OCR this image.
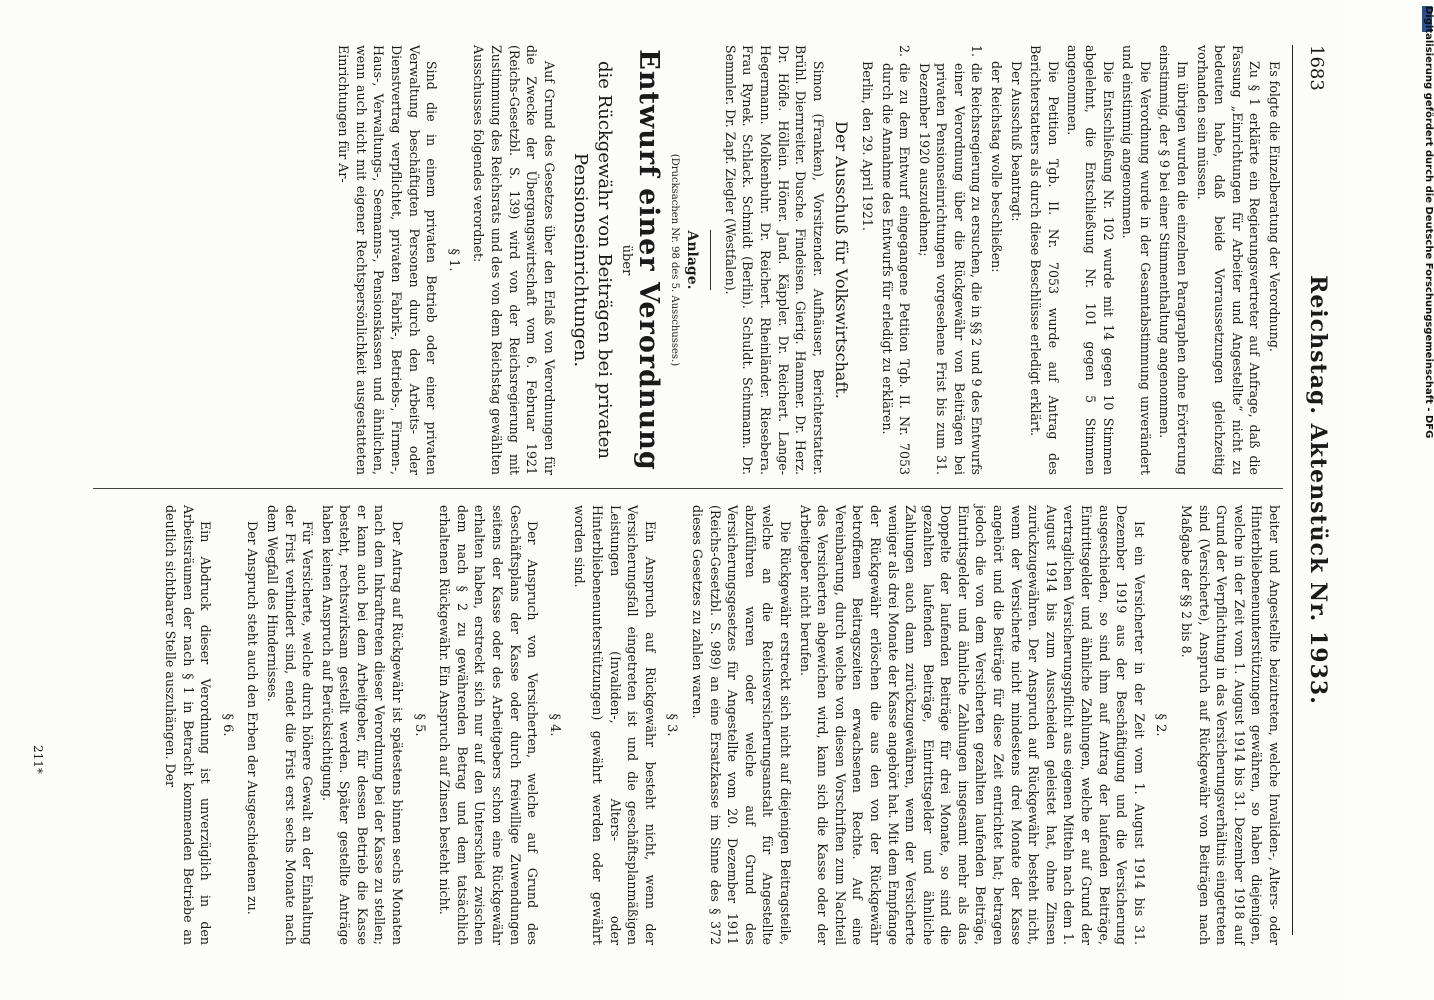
1683
Reichstag. Aktenstück Nr. 1933.

Es folgte die Einzelberatung der Verordnung.

Zu § 1 erklärte ein Regierungsvertreter auf Anfrage, daß die Fassung „Einrichtungen für Arbeiter und Angestellte“ nicht zu bedeuten habe, daß beide Vorraussetzungen gleichzeitig vorhanden sein müssen.

Im übrigen wurden die einzelnen Paragraphen ohne Erörterung einstimmig, der § 9 bei einer Stimmenthaltung angenommen.

Die Verordnung wurde in der Gesamtabstimmung unverändert und einstimmig angenommen.

Die Entschließung Nr. 102 wurde mit 14 gegen 10 Stimmen abgelehnt, die Entschließung Nr. 101 gegen 5 Stimmen angenommen.

Die Petition Tgb. II. Nr. 7053 wurde auf Antrag des Berichterstatters als durch diese Beschlüsse erledigt erklärt.

Der Ausschuß beantragt:

der Reichstag wolle beschließen:

1.
die Reichsregierung zu ersuchen, die in §§ 2 und 9 des Entwurfs einer Verordnung über die Rückgewähr von Beiträgen bei privaten Pensionseinrichtungen vorgesehene Frist bis zum 31. Dezember 1920 auszudehnen;

2.
die zu dem Entwurf eingegangene Petition Tgb. II. Nr. 7053 durch die Annahme des Entwurfs für erledigt zu erklären.

Berlin, den 29. April 1921.

Der Ausschuß für Volkswirtschaft.

Simon (Franken), Vorsitzender. Aufhäuser, Berichterstatter. Brühl. Diernreiter. Dusche. Findeisen. Gierig. Hammer. Dr. Herz. Dr. Höfle. Höllein. Höner. Jand. Käppler. Dr. Reichert. Lange-Hegermann. Molkenbuhr. Dr. Reichert. Rheinländer. Riesebera. Frau Rynek. Schlack. Schmidt (Berlin). Schuldt. Schumann. Dr. Semmler. Dr. Zapf. Ziegler (Westfalen).

Anlage.
(Drucksachen Nr. 98 des 5. Ausschusses.)
Entwurf einer Verordnung
über
die Rückgewähr von Beiträgen bei privaten Pensionseinrichtungen.

Auf Grund des Gesetzes über den Erlaß von Verordnungen für die Zwecke der Übergangswirtschaft vom 6. Februar 1921 (Reichs-Gesetzbl. S. 139) wird von der Reichsregierung mit Zustimmung des Reichsrats und des von dem Reichstag gewählten Ausschusses folgendes verordnet:

§ 1.

Sind die in einem privaten Betrieb oder einer privaten Verwaltung beschäftigten Personen durch den Arbeits- oder Dienstvertrag verpflichtet, privaten Fabrik-, Betriebs-, Firmen-, Haus-, Verwaltungs-, Seemanns-, Pensionskassen und ähnlichen, wenn auch nicht mit eigener Rechtspersönlichkeit ausgestatteten Einrichtungen für Ar-

beiter und Angestellte beizutreten, welche Invaliden-, Alters- oder Hinterbliebenenunterstützungen gewähren, so haben diejenigen, welche in der Zeit vom 1. August 1914 bis 31. Dezember 1918 auf Grund der Verpflichtung in das Versicherungsverhältnis eingetreten sind (Versicherte), Anspruch auf Rückgewähr von Beiträgen nach Maßgabe der §§ 2 bis 8.

§ 2.

Ist ein Versicherter in der Zeit vom 1. August 1914 bis 31. Dezember 1919 aus der Beschäftigung und die Versicherung ausgeschieden, so sind ihm auf Antrag der laufenden Beiträge, Eintrittsgelder und ähnliche Zahlungen, welche er auf Grund der vertraglichen Versicherungspflicht aus eigenen Mitteln nach dem 1. August 1914 bis zum Ausscheiden geleistet hat, ohne Zinsen zurückzugewähren. Der Anspruch auf Rückgewähr besteht nicht, wenn der Versicherte nicht mindestens drei Monate der Kasse angehört und die Beiträge für diese Zeit entrichtet hat; betragen jedoch die von dem Versicherten gezahlten laufenden Beiträge, Eintrittsgelder und ähnliche Zahlungen insgesamt mehr als das Doppelte der laufenden Beiträge für drei Monate, so sind die gezahlten laufenden Beiträge, Eintrittsgelder und ähnliche Zahlungen auch dann zurückzugewähren, wenn der Versicherte weniger als drei Monate der Kasse angehört hat. Mit dem Empfange der Rückgewähr erlöschen die aus den von der Rückgewähr betroffenen Beitragszeiten erwachsenen Rechte. Auf eine Vereinbarung, durch welche von diesen Vorschriften zum Nachteil des Versicherten abgewichen wird, kann sich die Kasse oder der Arbeitgeber nicht berufen.

Die Rückgewähr erstreckt sich nicht auf diejenigen Beitragsteile, welche an die Reichsversicherungsanstalt für Angestellte abzuführen waren oder welche auf Grund des Versicherungsgesetzes für Angestellte vom 20. Dezember 1911 (Reichs-Gesetzbl. S. 989) an eine Ersatzkasse im Sinne des § 372 dieses Gesetzes zu zahlen waren.

§ 3.

Ein Anspruch auf Rückgewähr besteht nicht, wenn der Versicherungsfall eingetreten ist und die geschäftsplanmäßigen Leistungen (Invaliden-, Alters- oder Hinterbliebenenunterstützungen) gewährt werden oder gewährt worden sind.

§ 4.

Der Anspruch von Versicherten, welche auf Grund des Geschäftsplans der Kasse oder durch freiwillige Zuwendungen seitens der Kasse oder des Arbeitgebers schon eine Rückgewähr erhalten haben, erstreckt sich nur auf den Unterschied zwischen dem nach § 2 zu gewährenden Betrag und dem tatsächlich erhaltenen Rückgewähr. Ein Anspruch auf Zinsen besteht nicht.

§ 5.

Der Antrag auf Rückgewähr ist spätestens binnen sechs Monaten nach dem Inkrafttreten dieser Verordnung bei der Kasse zu stellen; er kann auch bei dem Arbeitgeber, für dessen Betrieb die Kasse besteht, rechtswirksam gestellt werden. Später gestellte Anträge haben keinen Anspruch auf Berücksichtigung.

Für Versicherte, welche durch höhere Gewalt an der Einhaltung der Frist verhindert sind, endet die Frist erst sechs Monate nach dem Wegfall des Hindernisses.

Der Anspruch steht auch den Erben der Ausgeschiedenen zu.

§ 6.

Ein Abdruck dieser Verordnung ist unverzüglich in den Arbeitsräumen der nach § 1 in Betracht kommenden Betriebe an deutlich sichtbarer Stelle auszuhängen. Der

211*
Digitalisierung gefördert durch die Deutsche Forschungsgemeinschaft - DFG
